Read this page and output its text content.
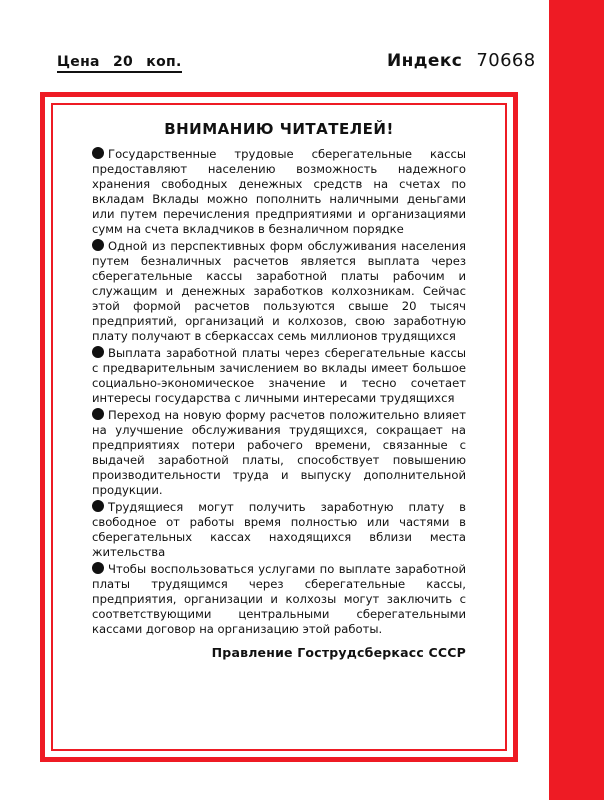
Цена 20 коп.	Индекс 70668
ВНИМАНИЮ ЧИТАТЕЛЕЙ!

Государственные трудовые сберегательные кассы предоставляют населению возможность надежного хранения свободных денежных средств на счетах по вкладам Вклады можно пополнить наличными деньгами или путем перечисления предприятиями и организациями сумм на счета вкладчиков в безналичном порядке

Одной из перспективных форм обслуживания населения путем безналичных расчетов является выплата через сберегательные кассы заработной платы рабочим и служащим и денежных заработков колхозникам. Сейчас этой формой расчетов пользуются свыше 20 тысяч предприятий, организаций и колхозов, свою заработную плату получают в сберкассах семь миллионов трудящихся

Выплата заработной платы через сберегательные кассы с предварительным зачислением во вклады имеет большое социально-экономическое значение и тесно сочетает интересы государства с личными интересами трудящихся

Переход на новую форму расчетов положительно влияет на улучшение обслуживания трудящихся, сокращает на предприятиях потери рабочего времени, связанные с выдачей заработной платы, способствует повышению производительности труда и выпуску дополнительной продукции.

Трудящиеся могут получить заработную плату в свободное от работы время полностью или частями в сберегательных кассах находящихся вблизи места жительства

Чтобы воспользоваться услугами по выплате заработной платы трудящимся через сберегательные кассы, предприятия, организации и колхозы могут заключить с соответствующими центральными сберегательными кассами договор на организацию этой работы.

Правление Гострудсберкасс СССР
